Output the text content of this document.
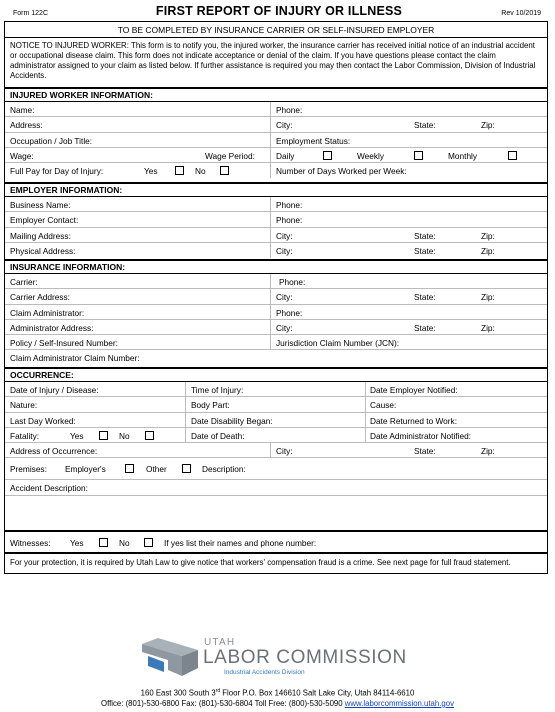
Form 122C	FIRST REPORT OF INJURY OR ILLNESS	Rev 10/2019
TO BE COMPLETED BY INSURANCE CARRIER OR SELF-INSURED EMPLOYER
NOTICE TO INJURED WORKER: This form is to notify you, the injured worker, the insurance carrier has received initial notice of an industrial accident or occupational disease claim. This form does not indicate acceptance or denial of the claim. If you have questions please contact the claim administrator assigned to your claim as listed below. If further assistance is required you may then contact the Labor Commission, Division of Industrial Accidents.
INJURED WORKER INFORMATION:
Name:	Phone:
Address:	City:	State:	Zip:
Occupation / Job Title:	Employment Status:
Wage:	Wage Period:	Daily	Weekly	Monthly
Full Pay for Day of Injury:	Yes	No	Number of Days Worked per Week:
EMPLOYER INFORMATION:
Business Name:	Phone:
Employer Contact:	Phone:
Mailing Address:	City:	State:	Zip:
Physical Address:	City:	State:	Zip:
INSURANCE INFORMATION:
Carrier:	Phone:
Carrier Address:	City:	State:	Zip:
Claim Administrator:	Phone:
Administrator Address:	City:	State:	Zip:
Policy / Self-Insured Number:	Jurisdiction Claim Number (JCN):
Claim Administrator Claim Number:
OCCURRENCE:
Date of Injury / Disease:	Time of Injury:	Date Employer Notified:
Nature:	Body Part:	Cause:
Last Day Worked:	Date Disability Began:	Date Returned to Work:
Fatality:	Yes	No	Date of Death:	Date Administrator Notified:
Address of Occurrence:	City:	State:	Zip:
Premises: Employer's	Other	Description:
Accident Description:
Witnesses: Yes	No	If yes list their names and phone number:
For your protection, it is required by Utah Law to give notice that workers' compensation fraud is a crime. See next page for full fraud statement.
UTAH
LABOR COMMISSION
Industrial Accidents Division
160 East 300 South 3rd Floor P.O. Box 146610 Salt Lake City, Utah 84114-6610
Office: (801)-530-6800 Fax: (801)-530-6804 Toll Free: (800)-530-5090 www.laborcommission.utah.gov
